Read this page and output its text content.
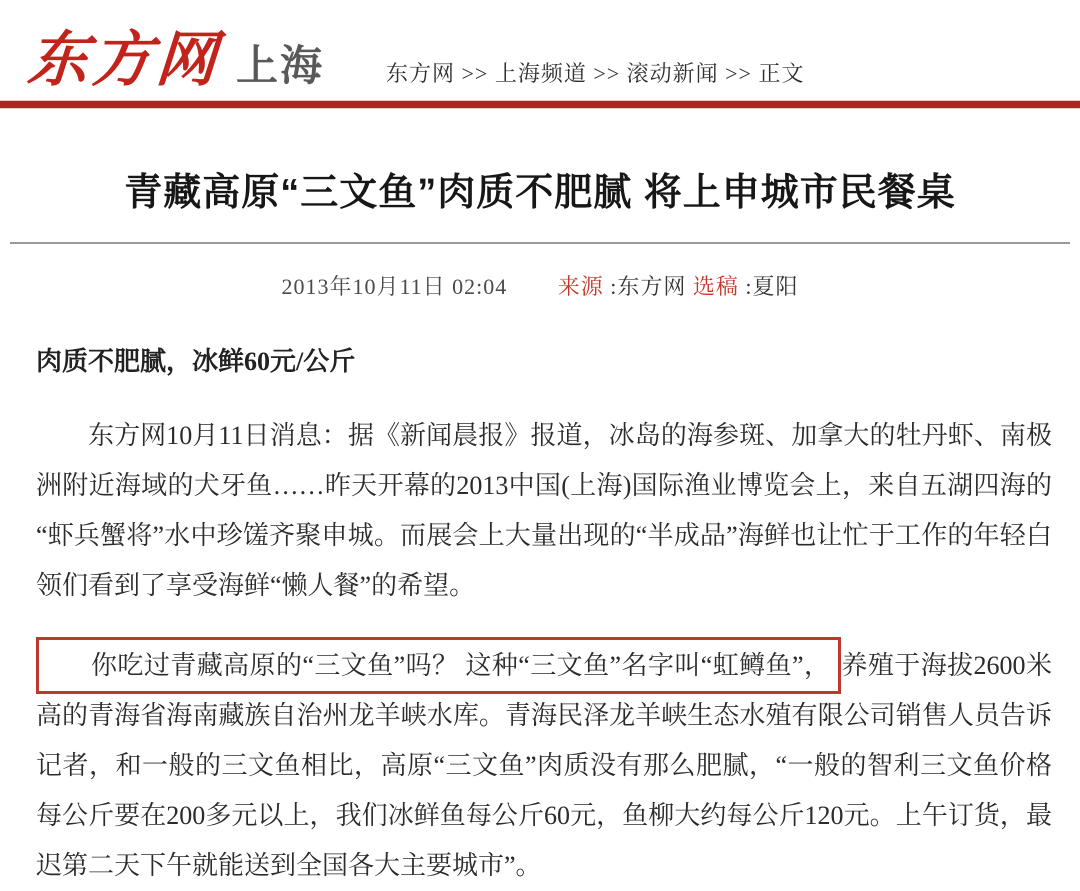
东方网 上海	东方网 >> 上海频道 >> 滚动新闻 >> 正文
青藏高原“三文鱼”肉质不肥腻 将上申城市民餐桌
2013年10月11日 02:04 来源 :东方网 选稿 :夏阳
肉质不肥腻，冰鲜60元/公斤

东方网10月11日消息：据《新闻晨报》报道，冰岛的海参斑、加拿大的牡丹虾、南极洲附近海域的犬牙鱼……昨天开幕的2013中国(上海)国际渔业博览会上，来自五湖四海的“虾兵蟹将”水中珍馐齐聚申城。而展会上大量出现的“半成品”海鲜也让忙于工作的年轻白领们看到了享受海鲜“懒人餐”的希望。

你吃过青藏高原的“三文鱼”吗？ 这种“三文鱼”名字叫“虹鳟鱼”， 养殖于海拔2600米高的青海省海南藏族自治州龙羊峡水库。青海民泽龙羊峡生态水殖有限公司销售人员告诉记者，和一般的三文鱼相比，高原“三文鱼”肉质没有那么肥腻，“一般的智利三文鱼价格每公斤要在200多元以上，我们冰鲜鱼每公斤60元，鱼柳大约每公斤120元。上午订货，最迟第二天下午就能送到全国各大主要城市”。
